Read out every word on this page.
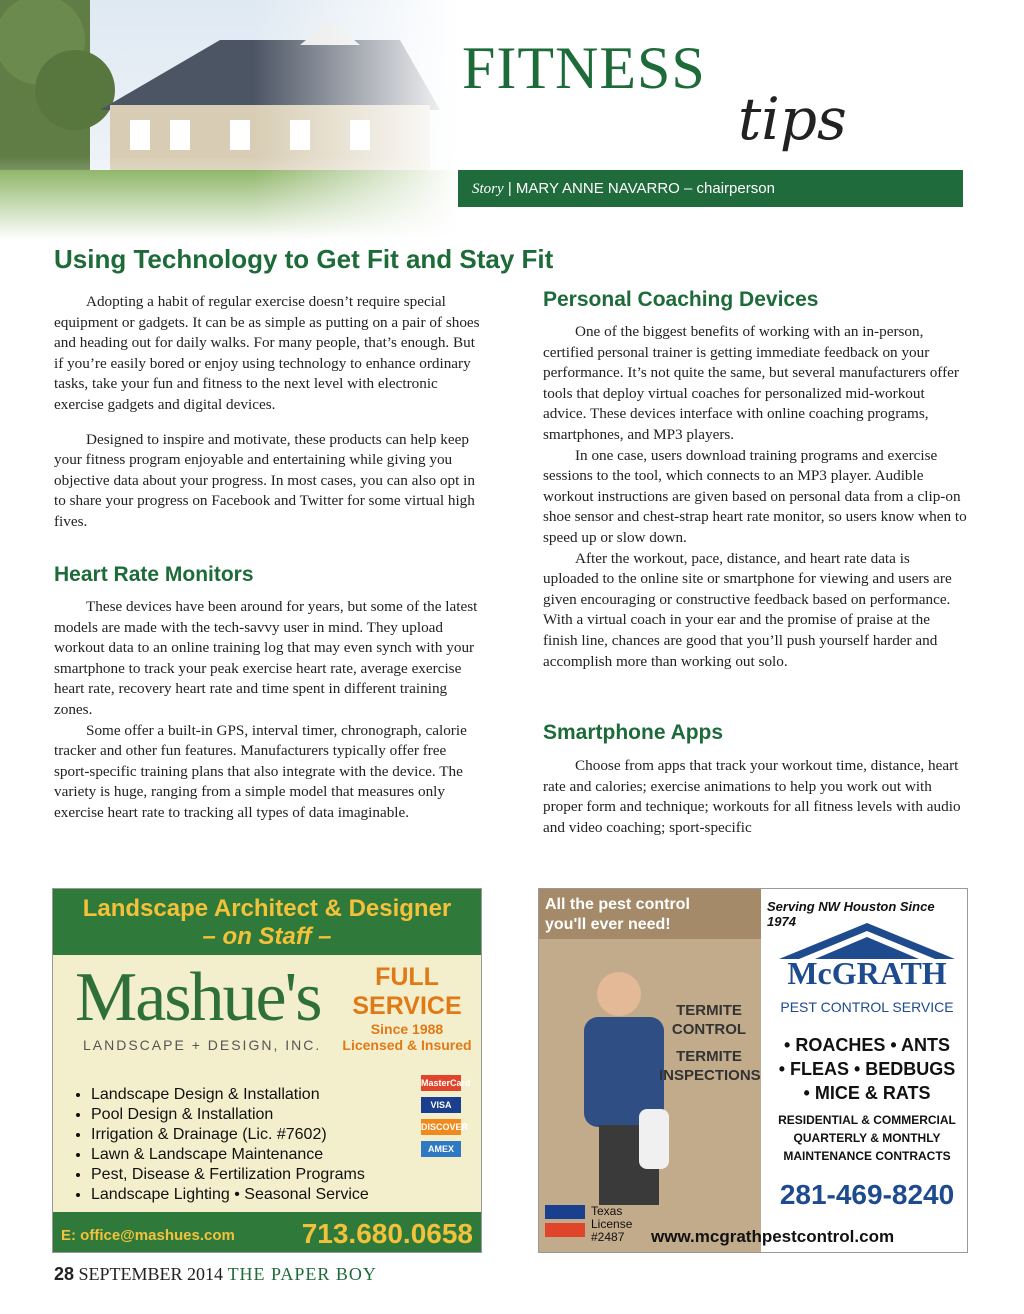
FITNESS
tips
Story | MARY ANNE NAVARRO – chairperson
Using Technology to Get Fit and Stay Fit

Adopting a habit of regular exercise doesn’t require special equipment or gadgets. It can be as simple as putting on a pair of shoes and heading out for daily walks. For many people, that’s enough. But if you’re easily bored or enjoy using technology to enhance ordinary tasks, take your fun and fitness to the next level with electronic exercise gadgets and digital devices.

Designed to inspire and motivate, these products can help keep your fitness program enjoyable and entertaining while giving you objective data about your progress. In most cases, you can also opt in to share your progress on Facebook and Twitter for some virtual high fives.

Heart Rate Monitors

These devices have been around for years, but some of the latest models are made with the tech-savvy user in mind. They upload workout data to an online training log that may even synch with your smartphone to track your peak exercise heart rate, average exercise heart rate, recovery heart rate and time spent in different training zones.

Some offer a built-in GPS, interval timer, chronograph, calorie tracker and other fun features. Manufacturers typically offer free sport-specific training plans that also integrate with the device. The variety is huge, ranging from a simple model that measures only exercise heart rate to tracking all types of data imaginable.

Personal Coaching Devices

One of the biggest benefits of working with an in-person, certified personal trainer is getting immediate feedback on your performance. It’s not quite the same, but several manufacturers offer tools that deploy virtual coaches for personalized mid-workout advice. These devices interface with online coaching programs, smartphones, and MP3 players.

In one case, users download training programs and exercise sessions to the tool, which connects to an MP3 player. Audible workout instructions are given based on personal data from a clip-on shoe sensor and chest-strap heart rate monitor, so users know when to speed up or slow down.

After the workout, pace, distance, and heart rate data is uploaded to the online site or smartphone for viewing and users are given encouraging or constructive feedback based on performance. With a virtual coach in your ear and the promise of praise at the finish line, chances are good that you’ll push yourself harder and accomplish more than working out solo.

Smartphone Apps

Choose from apps that track your workout time, distance, heart rate and calories; exercise animations to help you work out with proper form and technique; workouts for all fitness levels with audio and video coaching; sport-specific

Landscape Architect & Designer
– on Staff –
Mashue's
LANDSCAPE + DESIGN, INC.
FULL SERVICE
Since 1988
Licensed & Insured
• Landscape Design & Installation
• Pool Design & Installation
• Irrigation & Drainage (Lic. #7602)
• Lawn & Landscape Maintenance
• Pest, Disease & Fertilization Programs
• Landscape Lighting • Seasonal Service
MasterCard
VISA
DISCOVER
AMEX
E: office@mashues.com 713.680.0658
All the pest control
you'll ever need!
TERMITE CONTROL
TERMITE INSPECTIONS
Texas
License
#2487
Serving NW Houston Since 1974
McGRATH
PEST CONTROL SERVICE
• ROACHES • ANTS
• FLEAS • BEDBUGS
• MICE & RATS
RESIDENTIAL & COMMERCIAL
QUARTERLY & MONTHLY
MAINTENANCE CONTRACTS
281-469-8240
www.mcgrathpestcontrol.com
28 SEPTEMBER 2014 THE PAPER BOY
